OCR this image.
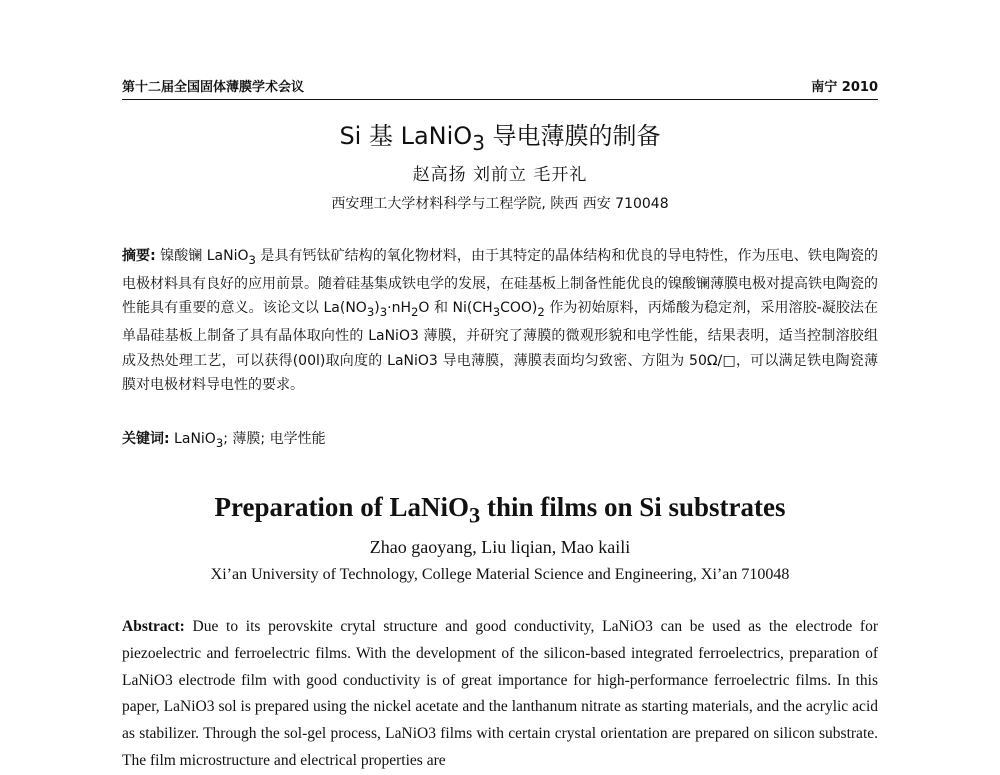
第十二届全国固体薄膜学术会议	南宁 2010
Si 基 LaNiO$_3$ 导电薄膜的制备
赵高扬 刘前立 毛开礼
西安理工大学材料科学与工程学院, 陕西 西安 710048

摘要: 镍酸镧 LaNiO$_3$ 是具有钙钛矿结构的氧化物材料，由于其特定的晶体结构和优良的导电特性，作为压电、铁电陶瓷的电极材料具有良好的应用前景。随着硅基集成铁电学的发展，在硅基板上制备性能优良的镍酸镧薄膜电极对提高铁电陶瓷的性能具有重要的意义。该论文以 $La(NO_3)_3\cdot nH_2O$ 和 $Ni(CH_3COO)_2$ 作为初始原料，丙烯酸为稳定剂，采用溶胶-凝胶法在单晶硅基板上制备了具有晶体取向性的 LaNiO3 薄膜，并研究了薄膜的微观形貌和电学性能，结果表明，适当控制溶胶组成及热处理工艺，可以获得(00l)取向度的 LaNiO3 导电薄膜，薄膜表面均匀致密、方阻为 50Ω/□，可以满足铁电陶瓷薄膜对电极材料导电性的要求。

关键词: LaNiO$_3$; 薄膜; 电学性能
Preparation of LaNiO$_3$ thin films on Si substrates
Zhao gaoyang, Liu liqian, Mao kaili
Xi’an University of Technology, College Material Science and Engineering, Xi’an 710048

Abstract: Due to its perovskite crytal structure and good conductivity, LaNiO3 can be used as the electrode for piezoelectric and ferroelectric films. With the development of the silicon-based integrated ferroelectrics, preparation of LaNiO3 electrode film with good conductivity is of great importance for high-performance ferroelectric films. In this paper, LaNiO3 sol is prepared using the nickel acetate and the lanthanum nitrate as starting materials, and the acrylic acid as stabilizer. Through the sol-gel process, LaNiO3 films with certain crystal orientation are prepared on silicon substrate. The film microstructure and electrical properties are
